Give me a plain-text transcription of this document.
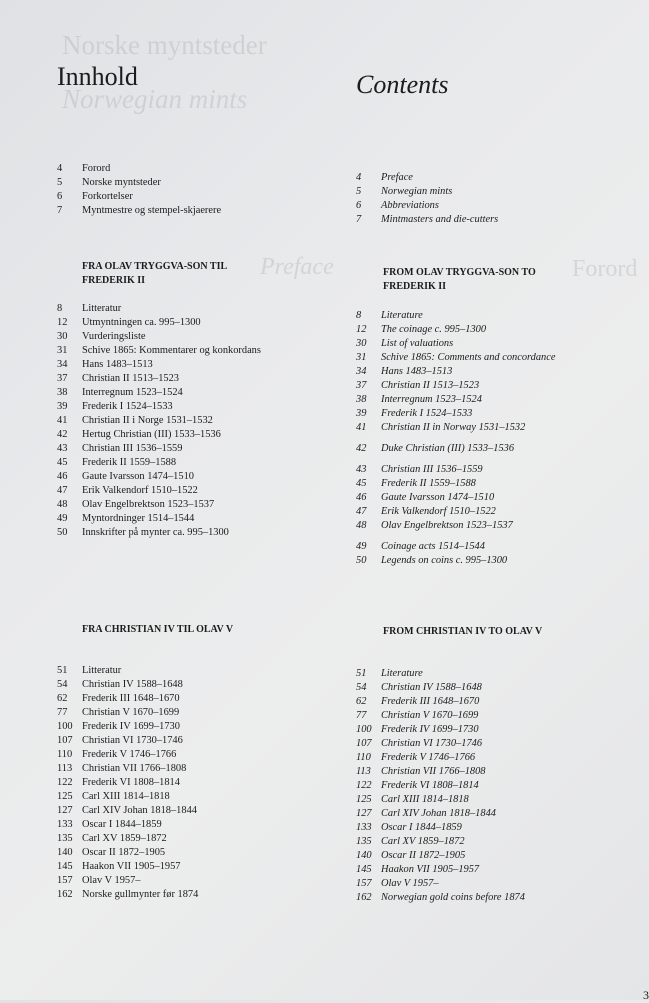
Norske myntsteder
Norwegian mints
Preface	Forord
Innhold	Contents
4	Forord
5	Norske myntsteder
6	Forkortelser
7	Myntmestre og stempel-skjaerere
FRA OLAV TRYGGVA-SON TIL FREDERIK II
8	Litteratur
12	Utmyntningen ca. 995–1300
30	Vurderingsliste
31	Schive 1865: Kommentarer og konkordans
34	Hans 1483–1513
37	Christian II 1513–1523
38	Interregnum 1523–1524
39	Frederik I 1524–1533
41	Christian II i Norge 1531–1532
42	Hertug Christian (III) 1533–1536
43	Christian III 1536–1559
45	Frederik II 1559–1588
46	Gaute Ivarsson 1474–1510
47	Erik Valkendorf 1510–1522
48	Olav Engelbrektson 1523–1537
49	Myntordninger 1514–1544
50	Innskrifter på mynter ca. 995–1300
FRA CHRISTIAN IV TIL OLAV V
51	Litteratur
54	Christian IV 1588–1648
62	Frederik III 1648–1670
77	Christian V 1670–1699
100 Frederik IV 1699–1730
107 Christian VI 1730–1746
110 Frederik V 1746–1766
113 Christian VII 1766–1808
122 Frederik VI 1808–1814
125 Carl XIII 1814–1818
127 Carl XIV Johan 1818–1844
133 Oscar I 1844–1859
135 Carl XV 1859–1872
140 Oscar II 1872–1905
145 Haakon VII 1905–1957
157 Olav V 1957–
162 Norske gullmynter før 1874
4	Preface
5	Norwegian mints
6	Abbreviations
7	Mintmasters and die-cutters
FROM OLAV TRYGGVA-SON TO FREDERIK II
8	Literature
12	The coinage c. 995–1300
30	List of valuations
31	Schive 1865: Comments and concordance
34	Hans 1483–1513
37	Christian II 1513–1523
38	Interregnum 1523–1524
39	Frederik I 1524–1533
41	Christian II in Norway 1531–1532
42	Duke Christian (III) 1533–1536
43	Christian III 1536–1559
45	Frederik II 1559–1588
46	Gaute Ivarsson 1474–1510
47	Erik Valkendorf 1510–1522
48	Olav Engelbrektson 1523–1537
49	Coinage acts 1514–1544
50	Legends on coins c. 995–1300
FROM CHRISTIAN IV TO OLAV V
51	Literature
54	Christian IV 1588–1648
62	Frederik III 1648–1670
77	Christian V 1670–1699
100 Frederik IV 1699–1730
107 Christian VI 1730–1746
110 Frederik V 1746–1766
113 Christian VII 1766–1808
122 Frederik VI 1808–1814
125 Carl XIII 1814–1818
127 Carl XIV Johan 1818–1844
133 Oscar I 1844–1859
135 Carl XV 1859–1872
140 Oscar II 1872–1905
145 Haakon VII 1905–1957
157 Olav V 1957–
162 Norwegian gold coins before 1874
3
